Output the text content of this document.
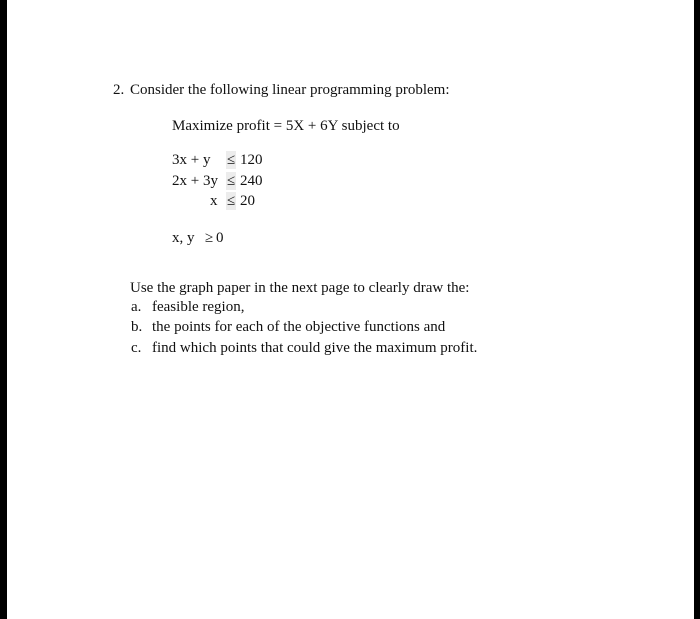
2. Consider the following linear programming problem:
Maximize profit = 5X + 6Y subject to
3x + y ≤ 120
2x + 3y ≤ 240
x ≤ 20
x, y ≥ 0
Use the graph paper in the next page to clearly draw the:
a. feasible region,
b. the points for each of the objective functions and
c. find which points that could give the maximum profit.
